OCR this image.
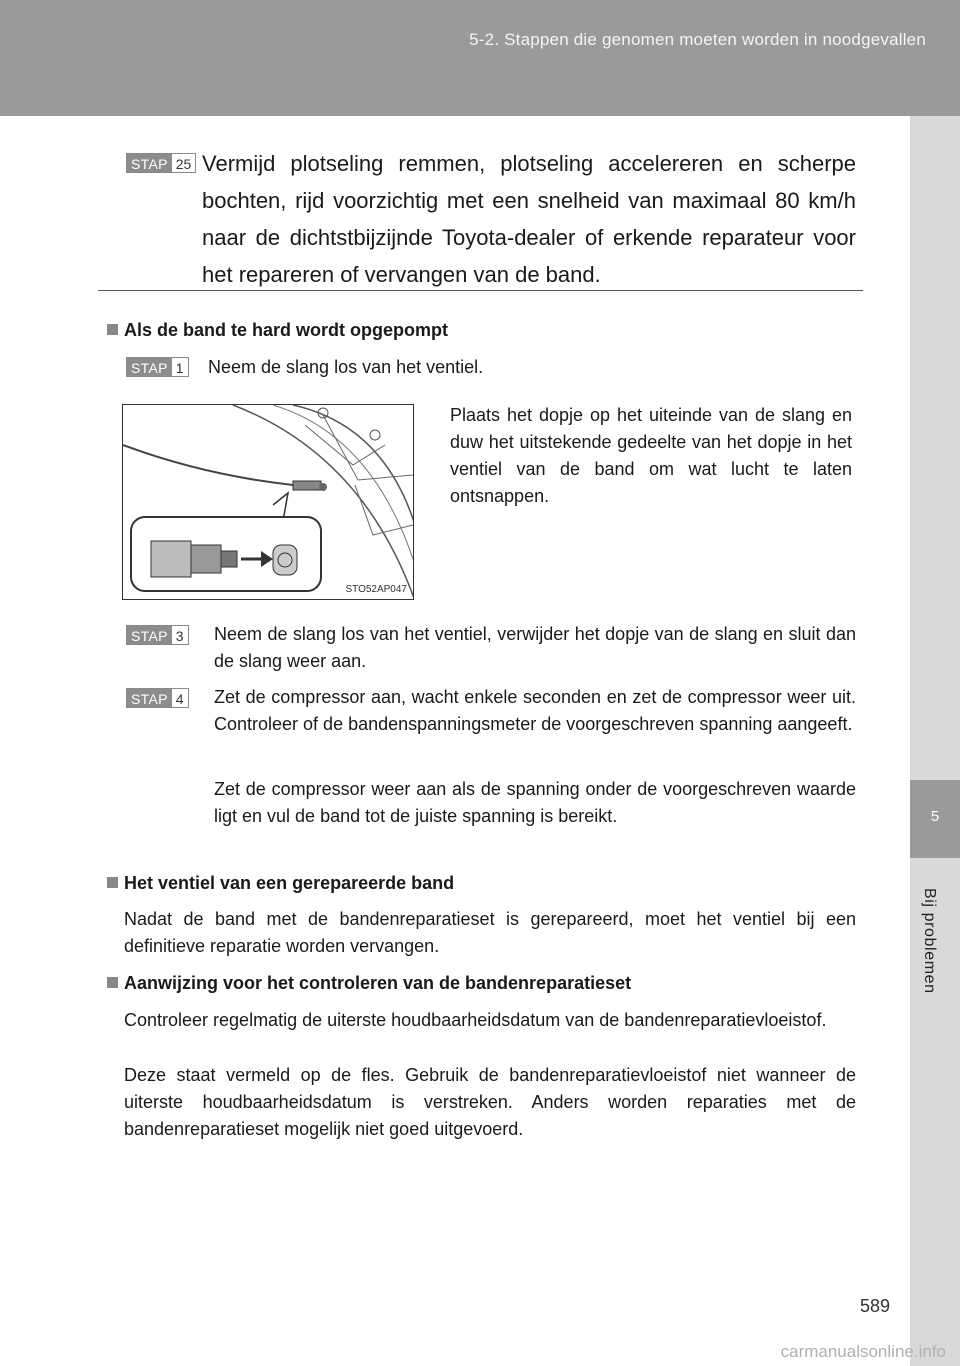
5-2. Stappen die genomen moeten worden in noodgevallen
5
Bij problemen
STAP 25 Vermijd plotseling remmen, plotseling accelereren en scherpe bochten, rijd voorzichtig met een snelheid van maximaal 80 km/h naar de dichtstbijzijnde Toyota-dealer of erkende reparateur voor het repareren of vervangen van de band.

Als de band te hard wordt opgepompt

STAP 1 Neem de slang los van het ventiel.

STO52AP047

Plaats het dopje op het uiteinde van de slang en duw het uitstekende gedeelte van het dopje in het ventiel van de band om wat lucht te laten ontsnappen.

STAP 3 Neem de slang los van het ventiel, verwijder het dopje van de slang en sluit dan de slang weer aan.

STAP 4 Zet de compressor aan, wacht enkele seconden en zet de compressor weer uit. Controleer of de bandenspanningsmeter de voorgeschreven spanning aangeeft.

Zet de compressor weer aan als de spanning onder de voorgeschreven waarde ligt en vul de band tot de juiste spanning is bereikt.

Het ventiel van een gerepareerde band

Nadat de band met de bandenreparatieset is gerepareerd, moet het ventiel bij een definitieve reparatie worden vervangen.

Aanwijzing voor het controleren van de bandenreparatieset

Controleer regelmatig de uiterste houdbaarheidsdatum van de bandenreparatievloeistof.

Deze staat vermeld op de fles. Gebruik de bandenreparatievloeistof niet wanneer de uiterste houdbaarheidsdatum is verstreken. Anders worden reparaties met de bandenreparatieset mogelijk niet goed uitgevoerd.

589
carmanualsonline.info
